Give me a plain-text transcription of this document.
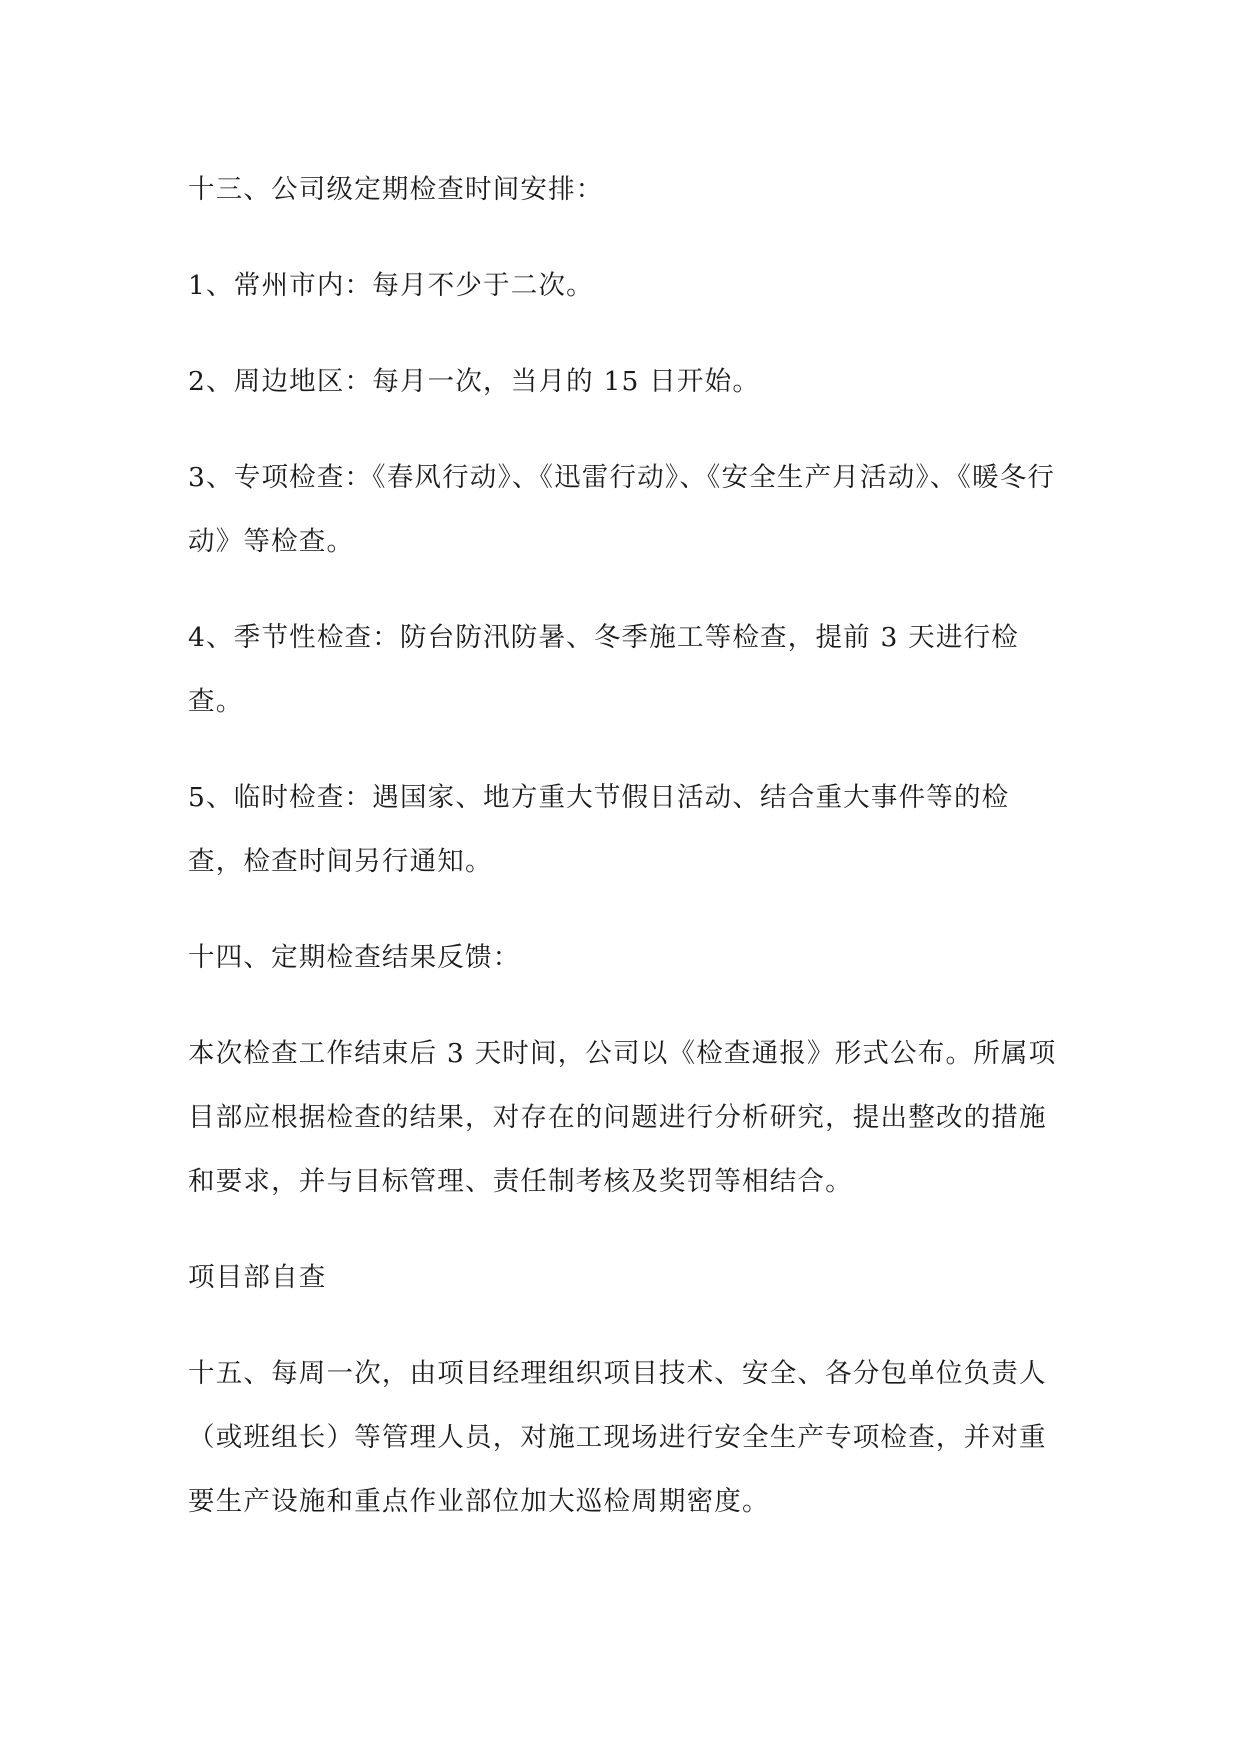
十三、公司级定期检查时间安排：

1、常州市内：每月不少于二次。

2、周边地区：每月一次，当月的 15 日开始。

3、专项检查：《春风行动》、《迅雷行动》、《安全生产月活动》、《暖冬行动》等检查。

4、季节性检查：防台防汛防暑、冬季施工等检查，提前 3 天进行检查。

5、临时检查：遇国家、地方重大节假日活动、结合重大事件等的检查，检查时间另行通知。

十四、定期检查结果反馈：

本次检查工作结束后 3 天时间，公司以《检查通报》形式公布。所属项目部应根据检查的结果，对存在的问题进行分析研究，提出整改的措施和要求，并与目标管理、责任制考核及奖罚等相结合。

项目部自查

十五、每周一次，由项目经理组织项目技术、安全、各分包单位负责人（或班组长）等管理人员，对施工现场进行安全生产专项检查，并对重要生产设施和重点作业部位加大巡检周期密度。
